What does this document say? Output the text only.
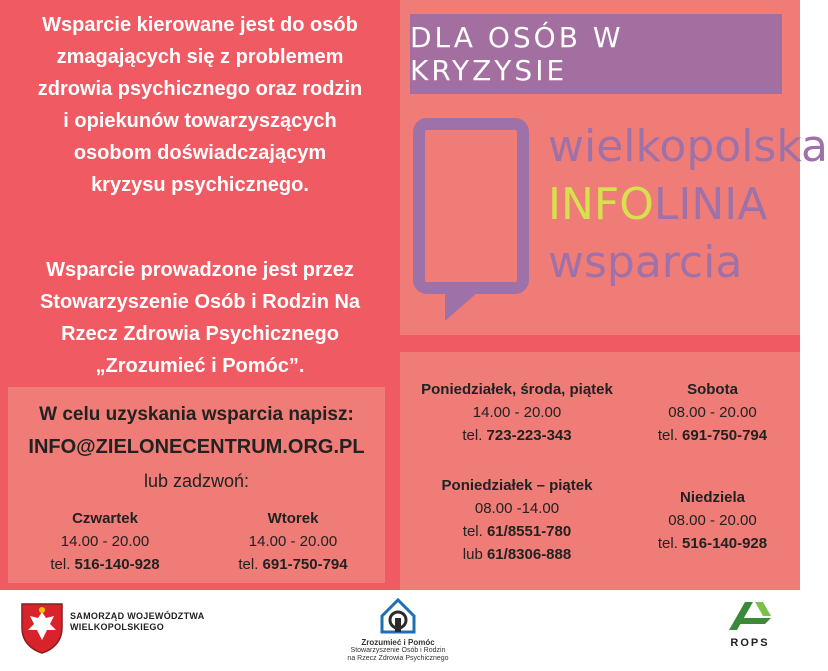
Wsparcie kierowane jest do osób
zmagających się z problemem
zdrowia psychicznego oraz rodzin
i opiekunów towarzyszących
osobom doświadczającym
kryzysu psychicznego.
Wsparcie prowadzone jest przez
Stowarzyszenie Osób i Rodzin Na
Rzecz Zdrowia Psychicznego
„Zrozumieć i Pomóc”.
DLA OSÓB W KRYZYSIE
wielkopolska
INFOLINIA
wsparcia
W celu uzyskania wsparcia napisz:
INFO@ZIELONECENTRUM.ORG.PL
lub zadzwoń:
Czwartek
14.00 - 20.00
tel. 516-140-928
Wtorek
14.00 - 20.00
tel. 691-750-794
Poniedziałek, środa, piątek
14.00 - 20.00
tel. 723-223-343
Sobota
08.00 - 20.00
tel. 691-750-794
Poniedziałek – piątek
08.00 -14.00
tel. 61/8551-780
lub 61/8306-888
Niedziela
08.00 - 20.00
tel. 516-140-928
SAMORZĄD WOJEWÓDZTWA
WIELKOPOLSKIEGO
Zrozumieć i Pomóc
Stowarzyszenie Osób i Rodzin
na Rzecz Zdrowia Psychicznego
ROPS
